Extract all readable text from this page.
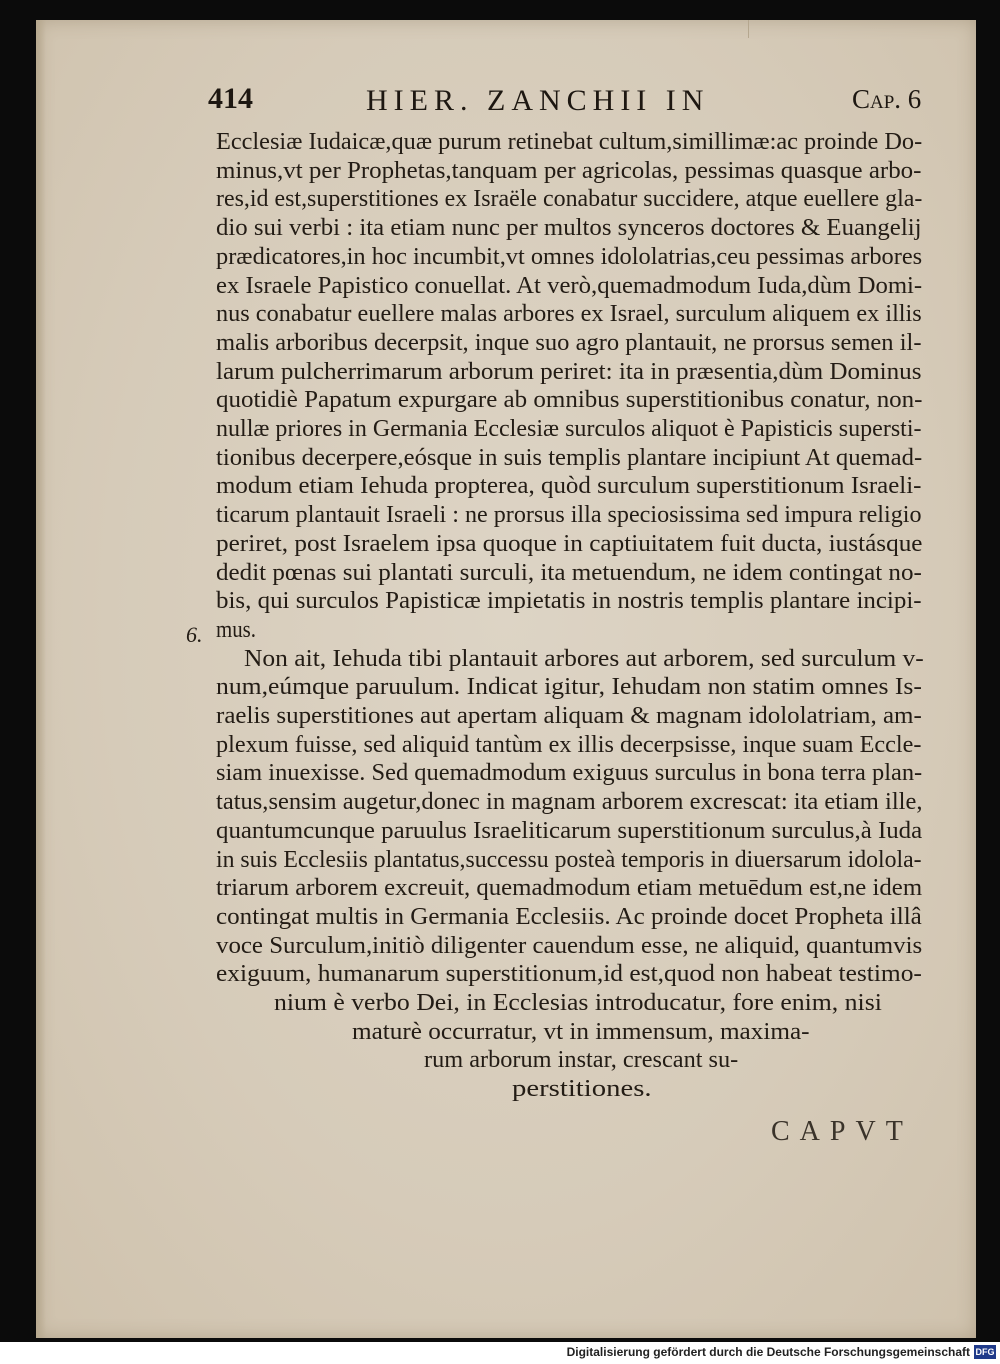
414	HIER. ZANCHII IN	Cap. 6
Ecclesiæ Iudaicæ,quæ purum retinebat cultum,simillimæ:ac proinde Do-
minus,vt per Prophetas,tanquam per agricolas, pessimas quasque arbo-
res,id est,superstitiones ex Israële conabatur succidere, atque euellere gla-
dio sui verbi : ita etiam nunc per multos synceros doctores & Euangelij
prædicatores,in hoc incumbit,vt omnes idololatrias,ceu pessimas arbores
ex Israele Papistico conuellat. At verò,quemadmodum Iuda,dùm Domi-
nus conabatur euellere malas arbores ex Israel, surculum aliquem ex illis
malis arboribus decerpsit, inque suo agro plantauit, ne prorsus semen il-
larum pulcherrimarum arborum periret: ita in præsentia,dùm Dominus
quotidiè Papatum expurgare ab omnibus superstitionibus conatur, non-
nullæ priores in Germania Ecclesiæ surculos aliquot è Papisticis supersti-
tionibus decerpere,eósque in suis templis plantare incipiunt At quemad-
modum etiam Iehuda propterea, quòd surculum superstitionum Israeli-
ticarum plantauit Israeli : ne prorsus illa speciosissima sed impura religio
periret, post Israelem ipsa quoque in captiuitatem fuit ducta, iustásque
dedit pœnas sui plantati surculi, ita metuendum, ne idem contingat no-
bis, qui surculos Papisticæ impietatis in nostris templis plantare incipi-
mus.
Non ait, Iehuda tibi plantauit arbores aut arborem, sed surculum v-
num,eúmque paruulum. Indicat igitur, Iehudam non statim omnes Is-
raelis superstitiones aut apertam aliquam & magnam idololatriam, am-
plexum fuisse, sed aliquid tantùm ex illis decerpsisse, inque suam Eccle-
siam inuexisse. Sed quemadmodum exiguus surculus in bona terra plan-
tatus,sensim augetur,donec in magnam arborem excrescat: ita etiam ille,
quantumcunque paruulus Israeliticarum superstitionum surculus,à Iuda
in suis Ecclesiis plantatus,successu posteà temporis in diuersarum idolola-
triarum arborem excreuit, quemadmodum etiam metuēdum est,ne idem
contingat multis in Germania Ecclesiis. Ac proinde docet Propheta illâ
voce Surculum,initiò diligenter cauendum esse, ne aliquid, quantumvis
exiguum, humanarum superstitionum,id est,quod non habeat testimo-
nium è verbo Dei, in Ecclesias introducatur, fore enim, nisi
maturè occurratur, vt in immensum, maxima-
rum arborum instar, crescant su-
perstitiones.
6.
CAPVT
Digitalisierung gefördert durch die Deutsche Forschungsgemeinschaft DFG
